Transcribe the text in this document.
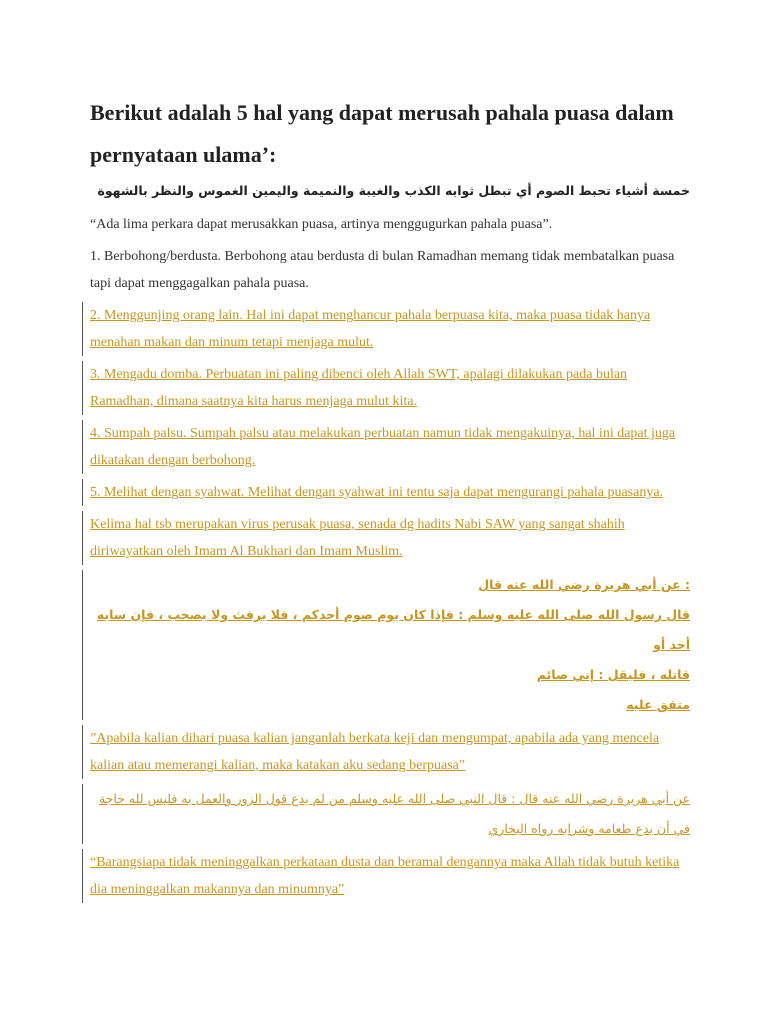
Berikut adalah 5 hal yang dapat merusah pahala puasa dalam pernyataan ulama’:
خمسة أشياء تحبط الصوم أي تبطل ثوابه الكذب والغيبة والنميمة واليمين الغموس والنظر بالشهوة
“Ada lima perkara dapat merusakkan puasa, artinya menggugurkan pahala puasa”.
1. Berbohong/berdusta. Berbohong atau berdusta di bulan Ramadhan memang tidak membatalkan puasa tapi dapat menggagalkan pahala puasa.
2. Menggunjing orang lain. Hal ini dapat menghancur pahala berpuasa kita, maka puasa tidak hanya menahan makan dan minum tetapi menjaga mulut.
3. Mengadu domba. Perbuatan ini paling dibenci oleh Allah SWT, apalagi dilakukan pada bulan Ramadhan, dimana saatnya kita harus menjaga mulut kita.
4. Sumpah palsu. Sumpah palsu atau melakukan perbuatan namun tidak mengakuinya, hal ini dapat juga dikatakan dengan berbohong.
5. Melihat dengan syahwat. Melihat dengan syahwat ini tentu saja dapat mengurangi pahala puasanya.
Kelima hal tsb merupakan virus perusak puasa, senada dg hadits Nabi SAW yang sangat shahih diriwayatkan oleh Imam Al Bukhari dan Imam Muslim.
: عن أبي هريرة رضي الله عنه قال
قال رسول الله صلى الله عليه وسلم : فإذا كان يوم صوم أحدكم ، فلا يرفث ولا يصخب ، فإن سابه أحد أو
قاتله ، فليقل : إني صائم
متفق عليه
”Apabila kalian dihari puasa kalian janganlah berkata keji dan mengumpat, apabila ada yang mencela kalian atau memerangi kalian, maka katakan aku sedang berpuasa”
عن أبي هريرة رضي الله عنه قال : قال النبي صلى الله عليه وسلم من لم يدع قول الزور والعمل به فليس لله حاجة في أن يدع طعامه وشرابه رواه البخاري
“Barangsiapa tidak meninggalkan perkataan dusta dan beramal dengannya maka Allah tidak butuh ketika dia meninggalkan makannya dan minumnya”
